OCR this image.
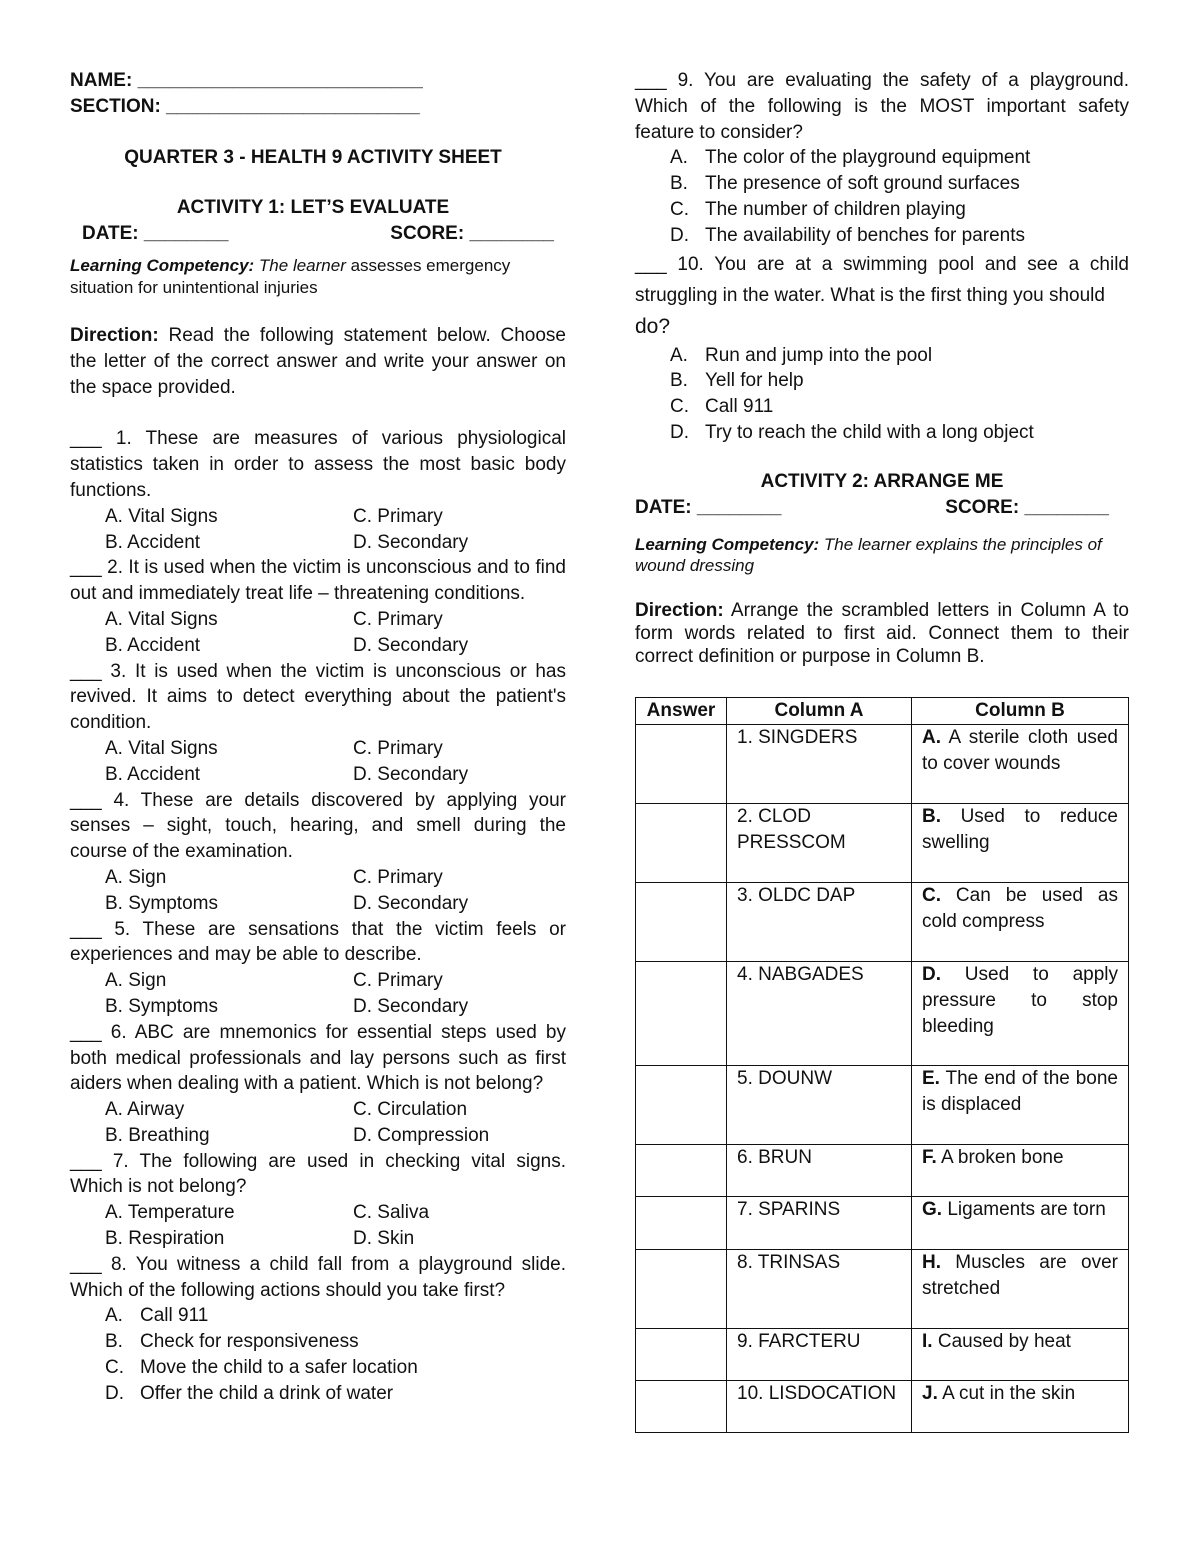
NAME: ___________________________
SECTION: ________________________
QUARTER 3 - HEALTH 9 ACTIVITY SHEET
ACTIVITY 1: LET’S EVALUATE
DATE: ________	SCORE: ________
Learning Competency: The learner assesses emergency situation for unintentional injuries
Direction: Read the following statement below. Choose the letter of the correct answer and write your answer on the space provided.
___ 1. These are measures of various physiological statistics taken in order to assess the most basic body functions.
A. Vital Signs	C. Primary
B. Accident	D. Secondary
___ 2. It is used when the victim is unconscious and to find out and immediately treat life – threatening conditions.
A. Vital Signs	C. Primary
B. Accident	D. Secondary
___ 3. It is used when the victim is unconscious or has revived. It aims to detect everything about the patient's condition.
A. Vital Signs	C. Primary
B. Accident	D. Secondary
___ 4. These are details discovered by applying your senses – sight, touch, hearing, and smell during the course of the examination.
A. Sign	C. Primary
B. Symptoms	D. Secondary
___ 5. These are sensations that the victim feels or experiences and may be able to describe.
A. Sign	C. Primary
B. Symptoms	D. Secondary
___ 6. ABC are mnemonics for essential steps used by both medical professionals and lay persons such as first aiders when dealing with a patient. Which is not belong?
A. Airway	C. Circulation
B. Breathing	D. Compression
___ 7. The following are used in checking vital signs. Which is not belong?
A. Temperature	C. Saliva
B. Respiration	D. Skin
___ 8. You witness a child fall from a playground slide. Which of the following actions should you take first?
A. Call 911
B. Check for responsiveness
C. Move the child to a safer location
D. Offer the child a drink of water
___ 9. You are evaluating the safety of a playground. Which of the following is the MOST important safety feature to consider?
A. The color of the playground equipment
B. The presence of soft ground surfaces
C. The number of children playing
D. The availability of benches for parents
___ 10. You are at a swimming pool and see a child struggling in the water. What is the first thing you should
do?
A. Run and jump into the pool
B. Yell for help
C. Call 911
D. Try to reach the child with a long object
ACTIVITY 2: ARRANGE ME
DATE: ________	SCORE: ________
Learning Competency: The learner explains the principles of wound dressing
Direction: Arrange the scrambled letters in Column A to form words related to first aid. Connect them to their correct definition or purpose in Column B.
Answer	Column A	Column B
	1. SINGDERS	A. A sterile cloth used to cover wounds
	2. CLOD PRESSCOM	B. Used to reduce swelling
	3. OLDC DAP	C. Can be used as cold compress
	4. NABGADES	D. Used to apply pressure to stop bleeding
	5. DOUNW	E. The end of the bone is displaced
	6. BRUN	F. A broken bone
	7. SPARINS	G. Ligaments are torn
	8. TRINSAS	H. Muscles are over stretched
	9. FARCTERU	I. Caused by heat
	10. LISDOCATION	J. A cut in the skin
